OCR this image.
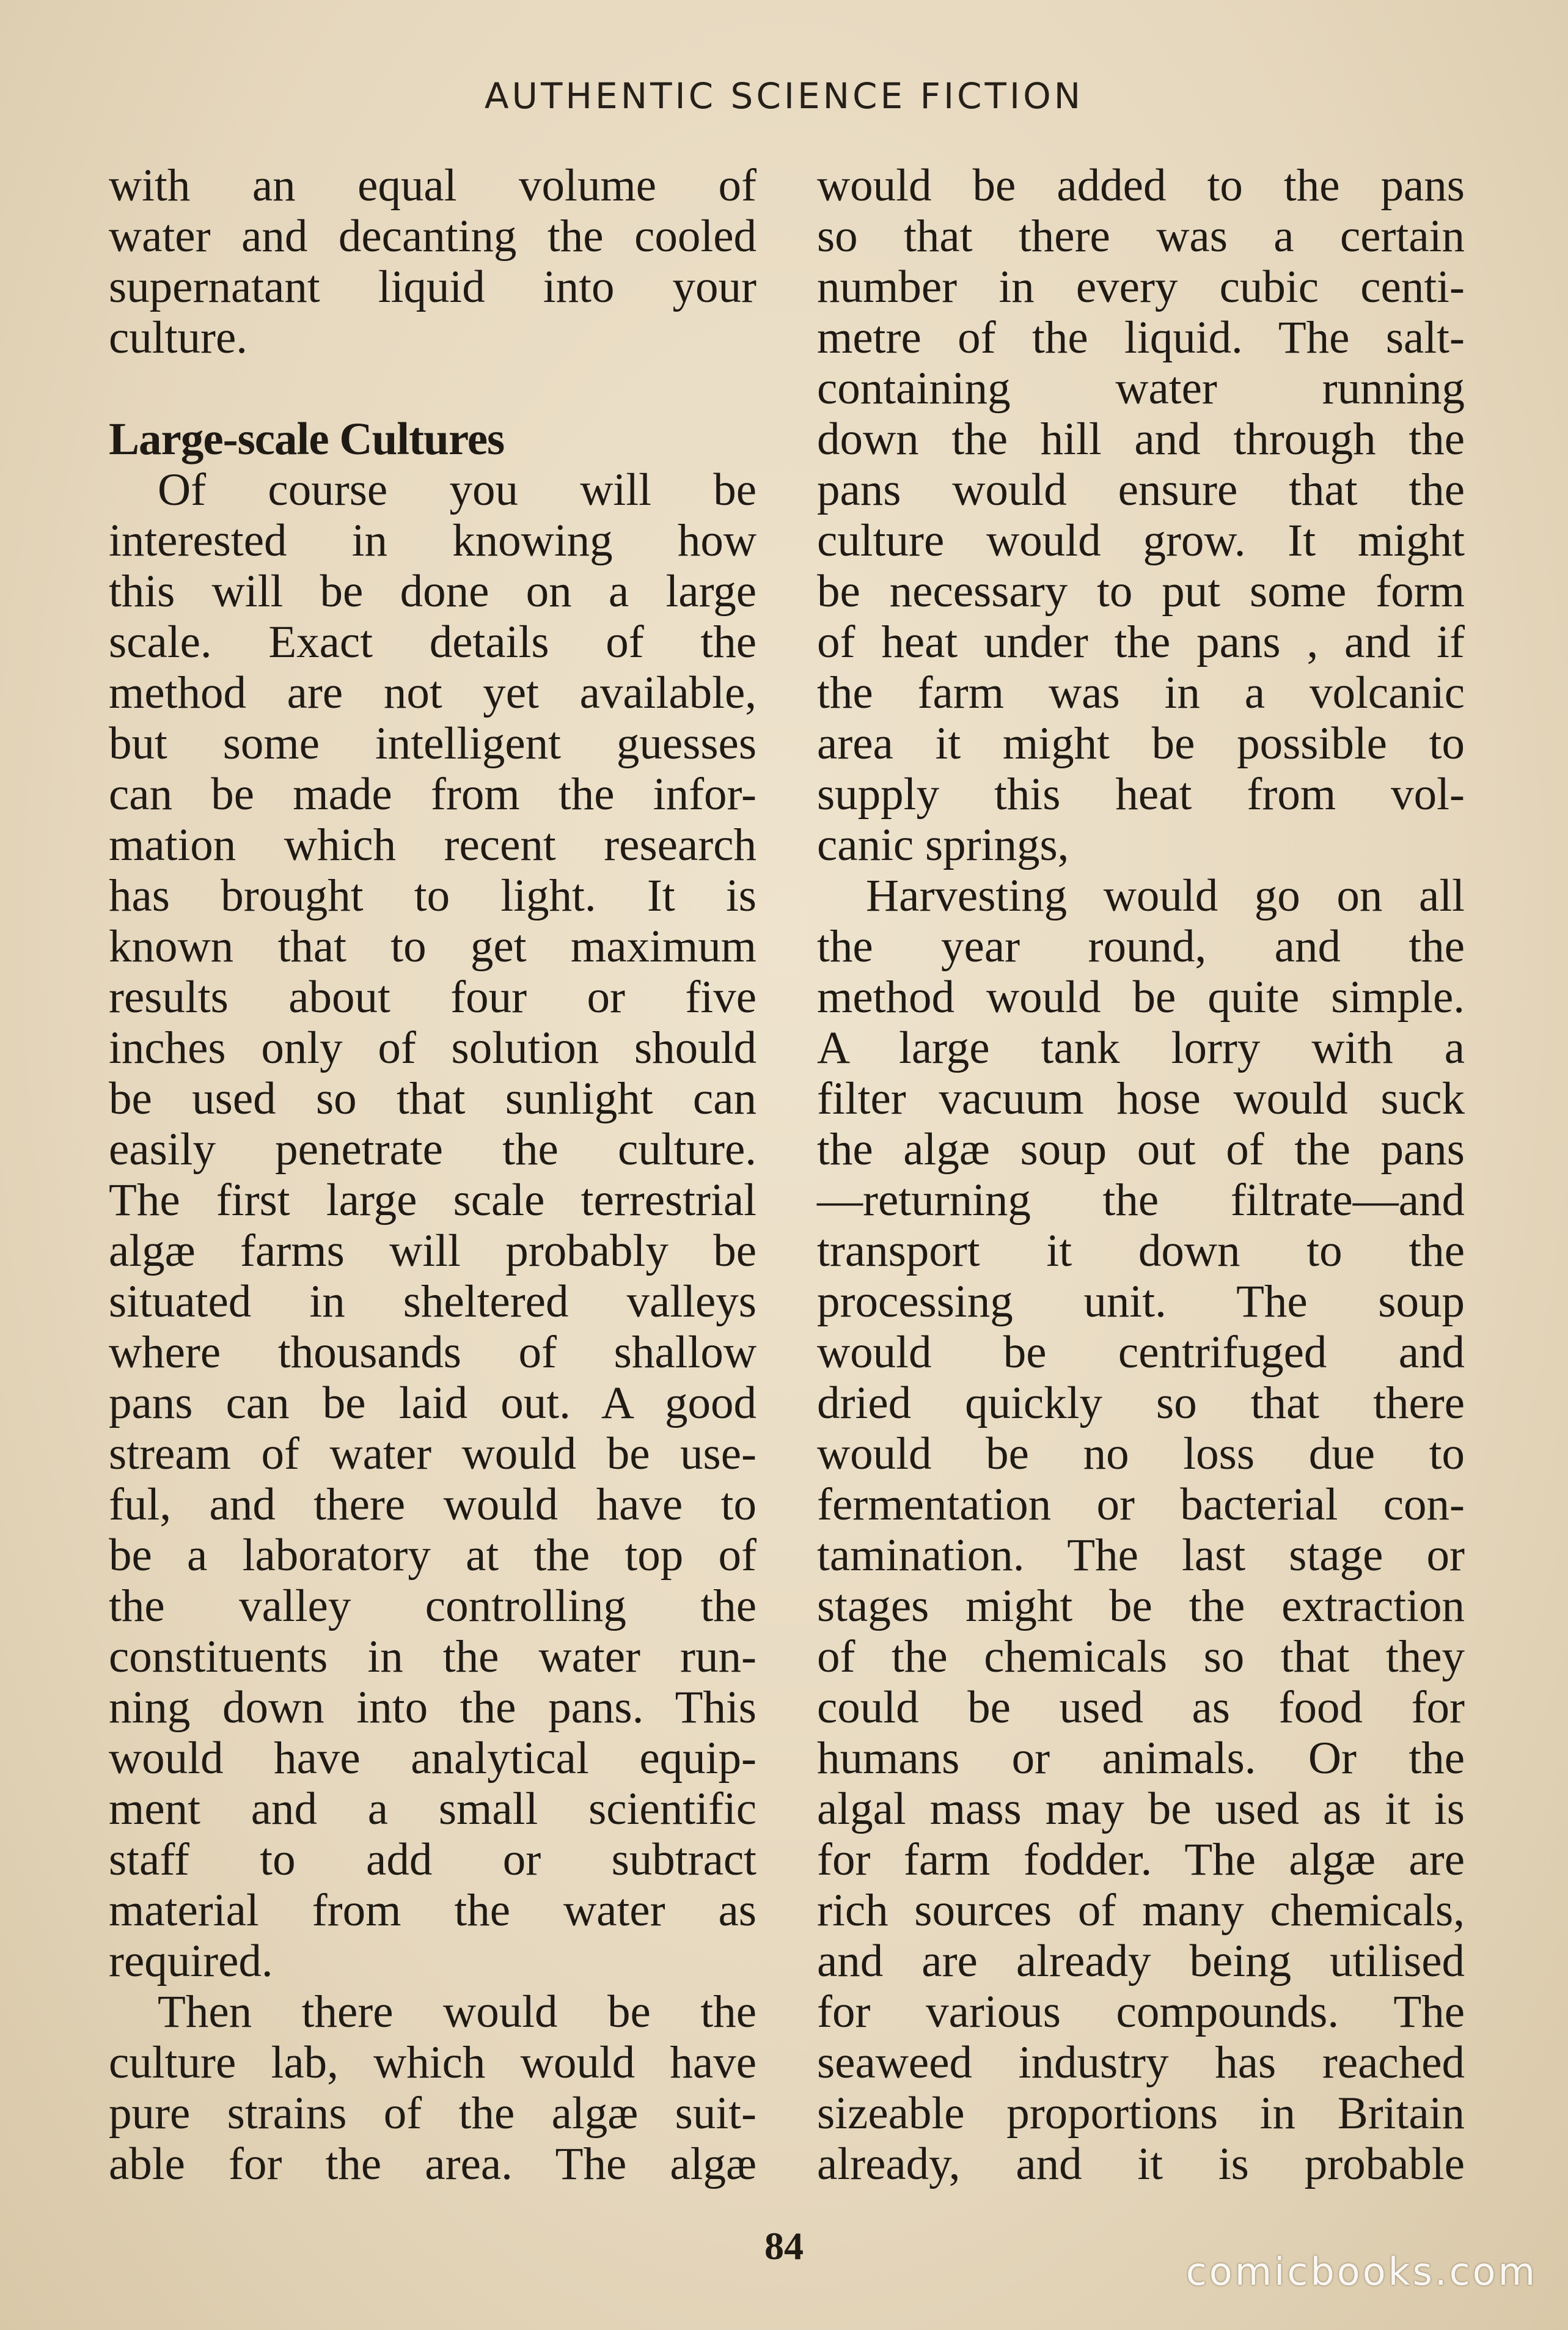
AUTHENTIC SCIENCE FICTION
with an equal volume of
water and decanting the cooled
supernatant liquid into your
culture.
Large-scale Cultures
Of course you will be
interested in knowing how
this will be done on a large
scale. Exact details of the
method are not yet available,
but some intelligent guesses
can be made from the infor-
mation which recent research
has brought to light. It is
known that to get maximum
results about four or five
inches only of solution should
be used so that sunlight can
easily penetrate the culture.
The first large scale terrestrial
algæ farms will probably be
situated in sheltered valleys
where thousands of shallow
pans can be laid out. A good
stream of water would be use-
ful, and there would have to
be a laboratory at the top of
the valley controlling the
constituents in the water run-
ning down into the pans. This
would have analytical equip-
ment and a small scientific
staff to add or subtract
material from the water as
required.
Then there would be the
culture lab, which would have
pure strains of the algæ suit-
able for the area. The algæ
would be added to the pans
so that there was a certain
number in every cubic centi-
metre of the liquid. The salt-
containing water running
down the hill and through the
pans would ensure that the
culture would grow. It might
be necessary to put some form
of heat under the pans , and if
the farm was in a volcanic
area it might be possible to
supply this heat from vol-
canic springs,
Harvesting would go on all
the year round, and the
method would be quite simple.
A large tank lorry with a
filter vacuum hose would suck
the algæ soup out of the pans
—returning the filtrate—and
transport it down to the
processing unit. The soup
would be centrifuged and
dried quickly so that there
would be no loss due to
fermentation or bacterial con-
tamination. The last stage or
stages might be the extraction
of the chemicals so that they
could be used as food for
humans or animals. Or the
algal mass may be used as it is
for farm fodder. The algæ are
rich sources of many chemicals,
and are already being utilised
for various compounds. The
seaweed industry has reached
sizeable proportions in Britain
already, and it is probable
84
comicbooks.com
